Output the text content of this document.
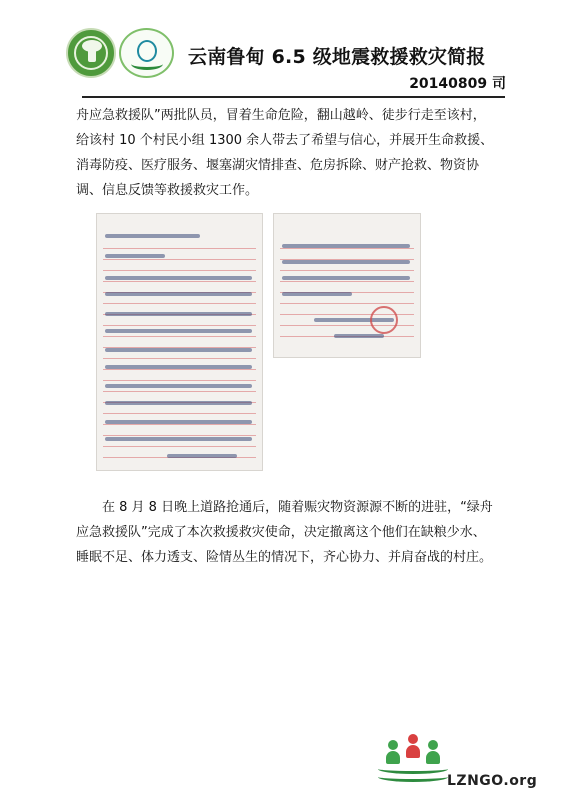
云南鲁甸 6.5 级地震救援救灾简报
20140809 司

舟应急救援队”两批队员，冒着生命危险，翻山越岭、徒步行走至该村，给该村 10 个村民小组 1300 余人带去了希望与信心，并展开生命救援、消毒防疫、医疗服务、堰塞湖灾情排查、危房拆除、财产抢救、物资协调、信息反馈等救援救灾工作。

在 8 月 8 日晚上道路抢通后，随着赈灾物资源源不断的进驻，“绿舟应急救援队”完成了本次救援救灾使命，决定撤离这个他们在缺粮少水、睡眠不足、体力透支、险情丛生的情况下，齐心协力、并肩奋战的村庄。

LZNGO.org
